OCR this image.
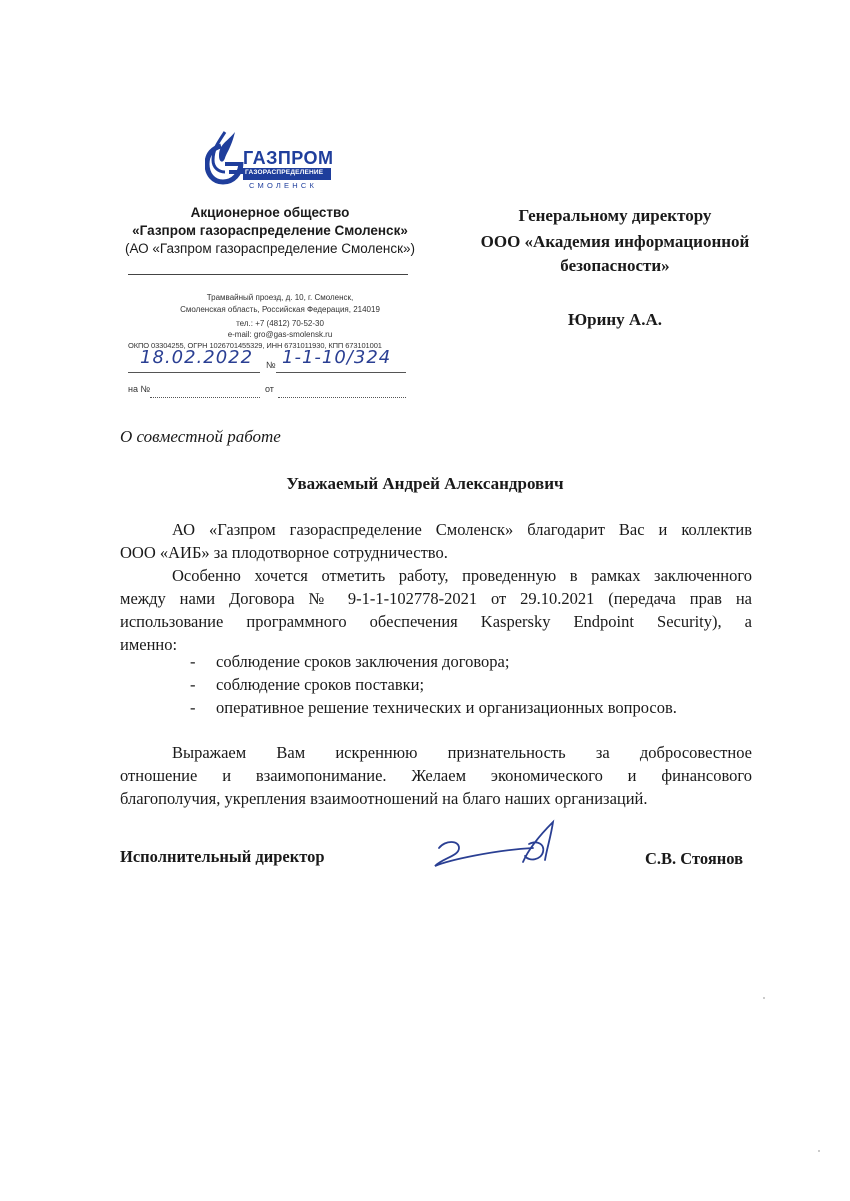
ГАЗПРОМ
ГАЗОРАСПРЕДЕЛЕНИЕ
СМОЛЕНСК
Акционерное общество
«Газпром газораспределение Смоленск»
(АО «Газпром газораспределение Смоленск»)
Трамвайный проезд, д. 10, г. Смоленск,
Смоленская область, Российская Федерация, 214019
тел.: +7 (4812) 70-52-30
e-mail: gro@gas-smolensk.ru
ОКПО 03304255, ОГРН 1026701455329, ИНН 6731011930, КПП 673101001
18.02.2022	№ 1-1-10/324
на №	от
Генеральному директору
ООО «Академия информационной
безопасности»
Юрину А.А.
О совместной работе
Уважаемый Андрей Александрович
АО «Газпром газораспределение Смоленск» благодарит Вас и коллектив
ООО «АИБ» за плодотворное сотрудничество.
Особенно хочется отметить работу, проведенную в рамках заключенного
между нами Договора № 9-1-1-102778-2021 от 29.10.2021 (передача прав на
использование программного обеспечения Kaspersky Endpoint Security), а
именно:
- соблюдение сроков заключения договора;
- соблюдение сроков поставки;
- оперативное решение технических и организационных вопросов.
Выражаем Вам искреннюю признательность за добросовестное
отношение и взаимопонимание. Желаем экономического и финансового
благополучия, укрепления взаимоотношений на благо наших организаций.
Исполнительный директор	С.В. Стоянов
